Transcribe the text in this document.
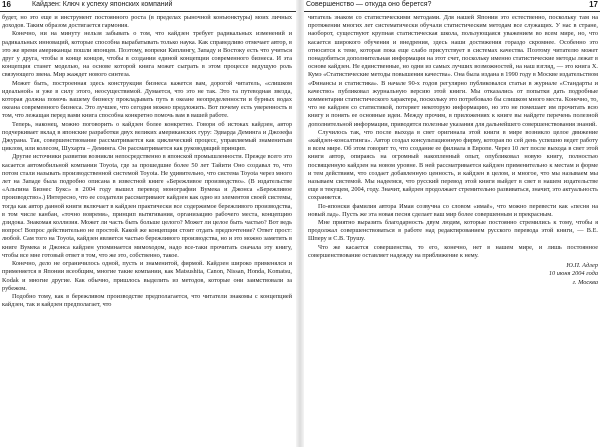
16	Кайдзен: Ключ к успеху японских компаний

будет, но это еще и инструмент постоянного роста (в пределах рыночной конъюнктуры) моих личных доходов. Таким образом достигается гармония.

Конечно, ни на минуту нельзя забывать о том, что кайдзен требует радикальных изменений и радикальных инноваций, которые способна вырабатывать только наука. Как справедливо отмечает автор, в это же время американцы пошли японцев. Поэтому, вопреки Киплингу, Западу и Востоку есть что учиться друг у друга, чтобы в конце концов, чтобы в создании единой концепции современного бизнеса. И эта концепция станет моделью, на основе которой книга может сыграть в этом процессе ведущую роль связующего звена. Мир жаждет нового синтеза.

Может быть, построенная здесь конструкция бизнеса кажется вам, дорогой читатель, «слишком идеальной» и уже в силу этого, неосуществимой. Думается, что это не так. Это та путеводная звезда, которая должна помочь вашему бизнесу прокладывать путь в океане неопределенности и бурных водах океана современного бизнеса. Это лучшее, что сегодня можно предложить. Вот почему есть уверенность в том, что лежащая перед вами книга способна конкретно помочь вам в вашей работе.

Теперь, наконец, можно поговорить о кайдзен более конкретно. Говоря об истоках кайдзен, автор подчеркивает вклад в японские разработки двух великих американских гуру: Эдварда Деминга и Джозефа Джурана. Так, совершенствование рассматривается как циклический процесс, управляемый знаменитым циклом, или колесом, Шухарта – Деминга. Он рассматривается как руководящий принцип.

Другие источники развития возникли непосредственно в японской промышленности. Прежде всего это касается автомобильной компании Toyota, где за прошедшие более 50 лет Тайити Оно создавал то, что потом стали называть производственной системой Toyota. Не удивительно, что система Toyota через много лет на Западе была подробно описана в известной книге «Бережливое производство». (В издательстве «Альпина Бизнес Букс» в 2004 году вышел перевод монографии Вумека и Джонса «Бережливое производство».) Интересно, что ее создатели рассматривают кайдзен как одно из элементов своей системы, тогда как автор данной книги включает в кайдзен практически все содержимое бережливого производства, в том числе канбан, «точно вовремя», принцип вытягивания, организацию рабочего места, концепцию дзидока. Знакомая коллизия. Может ли часть быть больше целого? Может ли целое быть частью? Вот ведь вопрос! Вопрос действительно не простой. Какой же концепции стоит отдать предпочтение? Ответ прост: любой. Сам того на Toyota, кайдзен является частью бережливого производства, но и это можно заметить в книге Вумека и Джонса кайдзен упоминается мимоходом, надо все-таки прочитать сначала эту книгу, чтобы все мне готовый ответ в том, что же это, собственно, такое.

Конечно, дело не ограничилось одной, пусть и знаменитой, фирмой. Кайдзен широко применялся и применяется в Японии всеобщим, многие такие компании, как Matsushita, Canon, Nissan, Honda, Komatsu, Kodak и многие другие. Как обычно, пришлось выделить из методов, которые они заимствовали за рубежом.

Подобно тому, как в бережливом производстве предполагается, что читатели знакомы с концепцией кайдзен, так и кайдзен предполагает, что

Совершенство — откуда оно берется?	17

читатель знаком со статистическими методами. Для нашей Японии это естественно, поскольку там на протяжении многих лет систематически обучали статистическим методам все служащих. У нас в стране, наоборот, существуют крупная статистическая школа, пользующаяся уважением во всем мире, но, что касается широкого обучения и внедрения, здесь наши достижения гораздо скромнее. Особенно это относится к теме, которая пока еще слабо присутствует в системах качества. Поэтому читателю может понадобиться дополнительная информация на этот счет, поскольку именно статистические методы лежат в основе кайдзен. Не единственные, но одни из самых лучших возможностей, на наш взгляд, — это книга Х. Кумэ «Статистические методы повышения качества». Она была издана в 1990 году в Москве издательством «Финансы и статистика». В начале 90-х годов регулярно публиковался статьи в журнале «Стандарты и качество» публиковал журнальную версию этой книги. Мы отказались от попытки дать подробные комментарии статистического характера, поскольку это потребовало бы слишком много места. Конечно, то, что не кайдзен со статистикой, потеряет некоторую информацию, но это не помешает им прочитать всю книгу и понять ее основные идеи. Между прочим, в приложениях к книге вы найдете перечень полезной дополнительной информации, приводятся полезные указания для дальнейшего совершенствования знаний.

Случилось так, что после выхода в свет оригинала этой книги в мире возникло целое движение «кайдзен-консалтинга». Автор создал консультационную фирму, которая по сей день успешно ведет работу в всем мире. Об этом говорит то, что создание ее филиала в Европе. Через 10 лет после выхода в свет этой книги автор, опираясь на огромный накопленный опыт, опубликовал новую книгу, полностью посвященную кайдзен на новом уровне. В ней рассматривается кайдзен применительно к местам и форме и тем действиям, что создает добавленную ценность, и кайдзен в целом, и многое, что мы называем мы называем системой. Мы надеемся, что русский перевод этой книги выйдет в свет в нашем издательстве еще в текущем, 2004, году. Значит, кайдзен продолжает стремительно развиваться, значит, это актуальность сохраняется.

По-японски фамилия автора Имаи созвучна со словом «имаё», что можно перевести как «песня на новый лад». Пусть же эта новая песня сделает ваш мир более совершенным и прекрасным.

Мне приятно выразить благодарность двум людям, которые постоянно стремились к тому, чтобы я продолжал совершенствоваться в работе над редактированием русского перевода этой книги, — В.Е. Шперу и С.В. Трушу.

Что же касается совершенства, то его, конечно, нет в нашем мире, и лишь постоянное совершенствование оставляет надежду на приближение к нему.

Ю.П. Адлер
10 июня 2004 года
г. Москва
